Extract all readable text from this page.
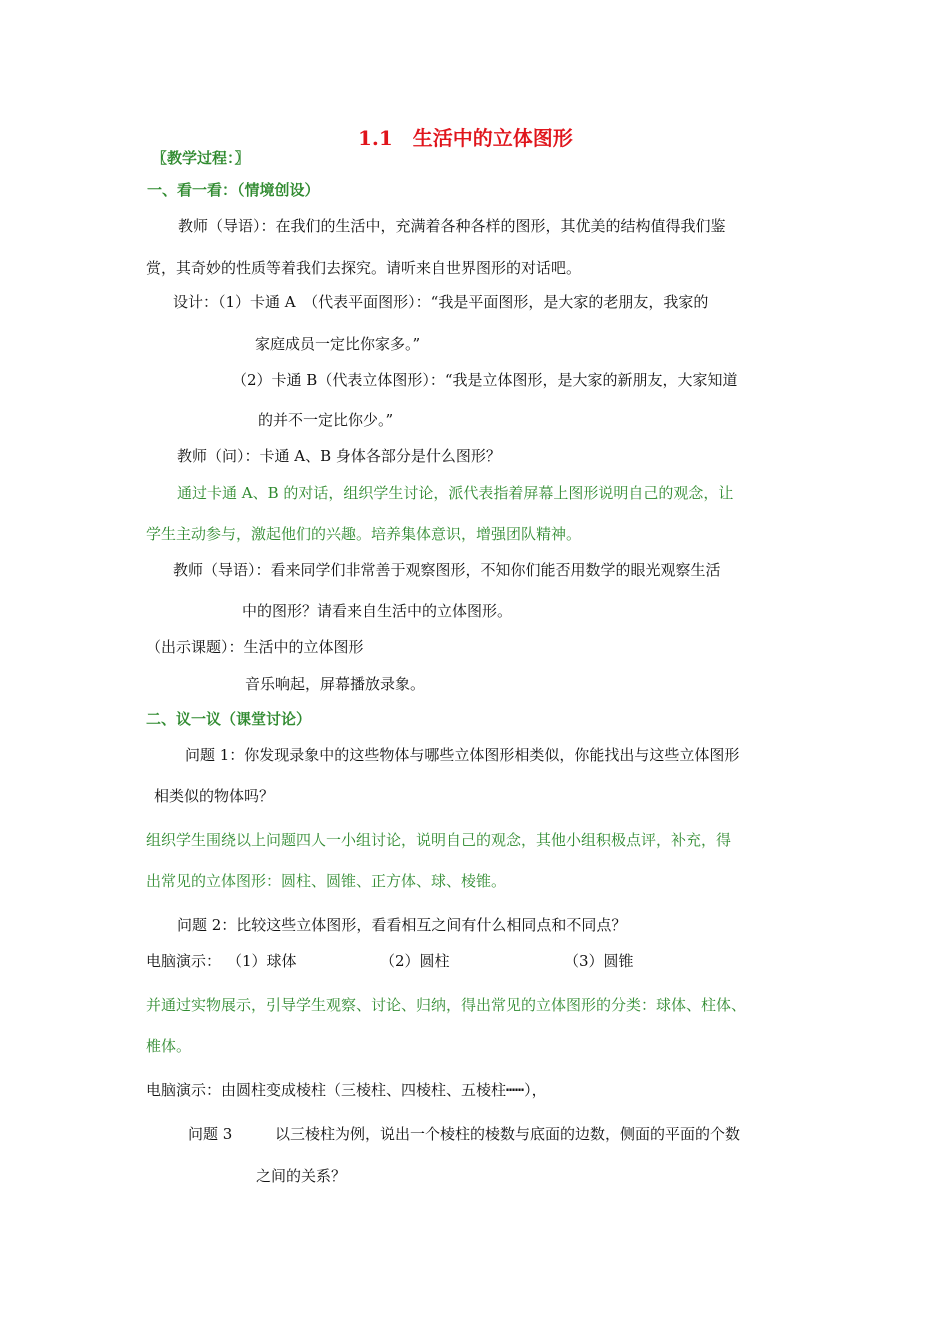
1.1　生活中的立体图形
〖教学过程：〗
一、看一看：（情境创设）
教师（导语）：在我们的生活中，充满着各种各样的图形，其优美的结构值得我们鉴
赏，其奇妙的性质等着我们去探究。请听来自世界图形的对话吧。
设计：（1）卡通 A　（代表平面图形）：“我是平面图形，是大家的老朋友，我家的
家庭成员一定比你家多。”
（2）卡通 B（代表立体图形）：“我是立体图形，是大家的新朋友，大家知道
的并不一定比你少。”
教师（问）：卡通 A、B 身体各部分是什么图形？
通过卡通 A、B 的对话，组织学生讨论，派代表指着屏幕上图形说明自己的观念，让
学生主动参与，激起他们的兴趣。培养集体意识，增强团队精神。
教师（导语）：看来同学们非常善于观察图形，不知你们能否用数学的眼光观察生活
中的图形？请看来自生活中的立体图形。
（出示课题）：生活中的立体图形
音乐响起，屏幕播放录象。
二、议一议（课堂讨论）
问题 1：你发现录象中的这些物体与哪些立体图形相类似，你能找出与这些立体图形
相类似的物体吗？
组织学生围绕以上问题四人一小组讨论，说明自己的观念，其他小组积极点评，补充，得
出常见的立体图形：圆柱、圆锥、正方体、球、棱锥。
问题 2：比较这些立体图形，看看相互之间有什么相同点和不同点？
电脑演示： （1）球体	（2）圆柱	（3）圆锥
并通过实物展示，引导学生观察、讨论、归纳，得出常见的立体图形的分类：球体、柱体、
椎体。
电脑演示：由圆柱变成棱柱（三棱柱、四棱柱、五棱柱┅┅），
问题 3	以三棱柱为例，说出一个棱柱的棱数与底面的边数，侧面的平面的个数
之间的关系？
